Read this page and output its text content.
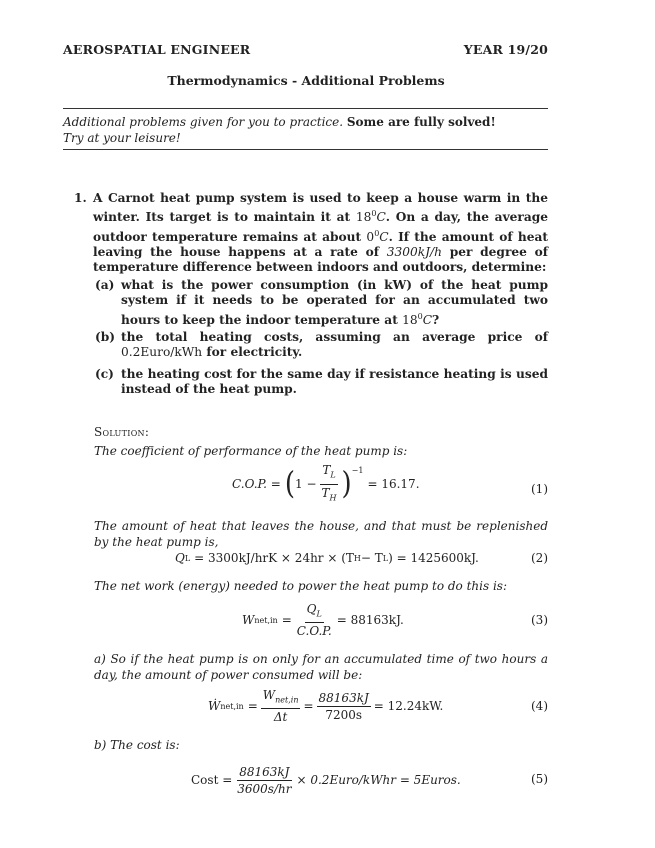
AEROSPATIAL ENGINEER	YEAR 19/20
Thermodynamics - Additional Problems
Additional problems given for you to practice. Some are fully solved!
Try at your leisure!
1. A Carnot heat pump system is used to keep a house warm in the winter. Its target is to maintain it at $18^0C$. On a day, the average outdoor temperature remains at about $0^0C$. If the amount of heat leaving the house happens at a rate of 3300kJ/h per degree of temperature difference between indoors and outdoors, determine:
(a) what is the power consumption (in kW) of the heat pump system if it needs to be operated for an accumulated two hours to keep the indoor temperature at $18^0C$?
(b) the total heating costs, assuming an average price of 0.2Euro/kWh for electricity.
(c) the heating cost for the same day if resistance heating is used instead of the heat pump.
Solution:
The coefficient of performance of the heat pump is:
C.O.P. = ( $1 - \frac{T_L}{T_H} )^{-1}$
= 16.17.	(1)
The amount of heat that leaves the house, and that must be replenished by the heat pump is,
Q L = 3300kJ/hrK × 24hr × (T H − T L ) = 1425600kJ.	(2)
The net work (energy) needed to power the heat pump to do this is:
W $net,in = \frac{Q_L}{C.O.P.} = 88163kJ$.	(3)
a) So if the heat pump is on only for an accumulated time of two hours a day, the amount of power consumed will be:
Ẇ $net,in = \frac{W_{net,in}}{\Delta t} = \frac{88163kJ}{7200s} = 12.24kW$.	(4)
b) The cost is:
Cost = $\frac{88163kJ}{3600s/hr}$ × 0.2Euro/kWhr = 5Euros.	(5)
